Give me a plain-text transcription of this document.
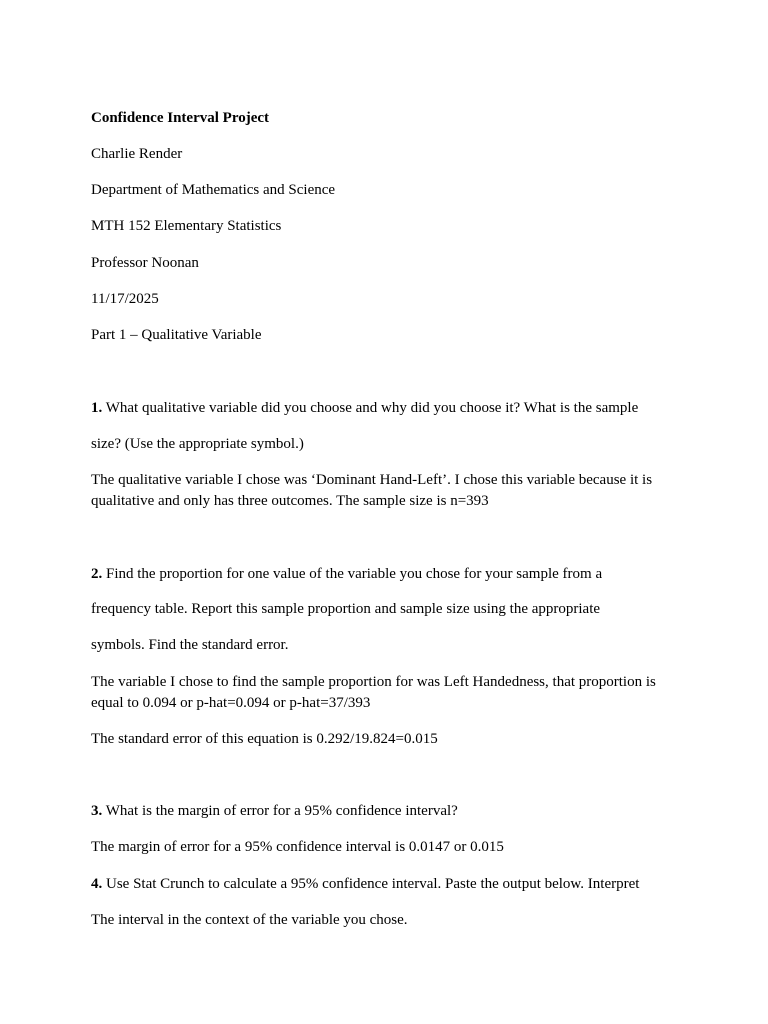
Confidence Interval Project
Charlie Render
Department of Mathematics and Science
MTH 152 Elementary Statistics
Professor Noonan
11/17/2025
Part 1 – Qualitative Variable
1. What qualitative variable did you choose and why did you choose it? What is the sample
size? (Use the appropriate symbol.)
The qualitative variable I chose was ‘Dominant Hand-Left’. I chose this variable because it is
qualitative and only has three outcomes. The sample size is n=393
2. Find the proportion for one value of the variable you chose for your sample from a
frequency table. Report this sample proportion and sample size using the appropriate
symbols. Find the standard error.
The variable I chose to find the sample proportion for was Left Handedness, that proportion is
equal to 0.094 or p-hat=0.094 or p-hat=37/393
The standard error of this equation is 0.292/19.824=0.015
3. What is the margin of error for a 95% confidence interval?
The margin of error for a 95% confidence interval is 0.0147 or 0.015
4. Use Stat Crunch to calculate a 95% confidence interval. Paste the output below. Interpret
The interval in the context of the variable you chose.
